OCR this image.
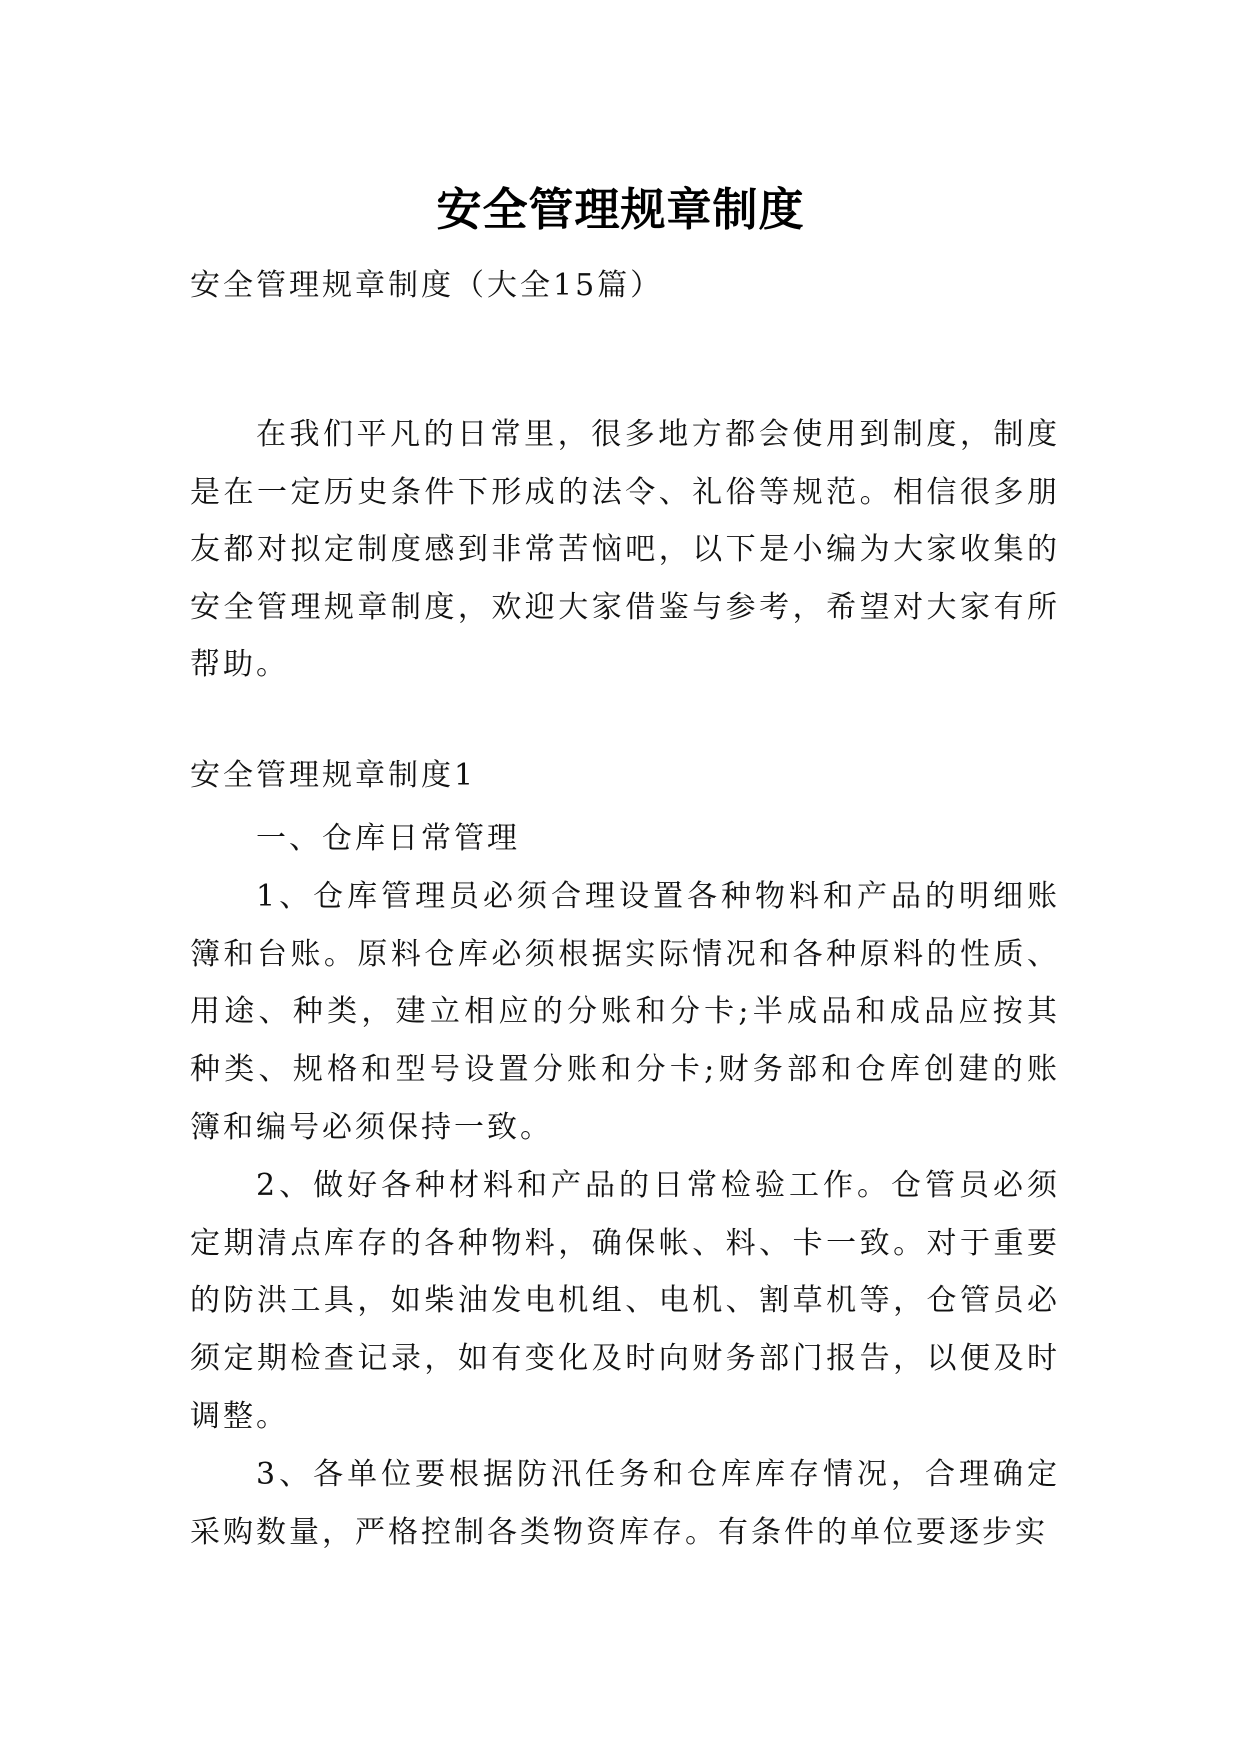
安全管理规章制度
安全管理规章制度（大全15篇）

在我们平凡的日常里，很多地方都会使用到制度，制度是在一定历史条件下形成的法令、礼俗等规范。相信很多朋友都对拟定制度感到非常苦恼吧，以下是小编为大家收集的安全管理规章制度，欢迎大家借鉴与参考，希望对大家有所帮助。

安全管理规章制度1

一、仓库日常管理

1、仓库管理员必须合理设置各种物料和产品的明细账簿和台账。原料仓库必须根据实际情况和各种原料的性质、用途、种类，建立相应的分账和分卡;半成品和成品应按其种类、规格和型号设置分账和分卡;财务部和仓库创建的账簿和编号必须保持一致。

2、做好各种材料和产品的日常检验工作。仓管员必须定期清点库存的各种物料，确保帐、料、卡一致。对于重要的防洪工具，如柴油发电机组、电机、割草机等，仓管员必须定期检查记录，如有变化及时向财务部门报告，以便及时调整。

3、各单位要根据防汛任务和仓库库存情况，合理确定采购数量，严格控制各类物资库存。有条件的单位要逐步实
